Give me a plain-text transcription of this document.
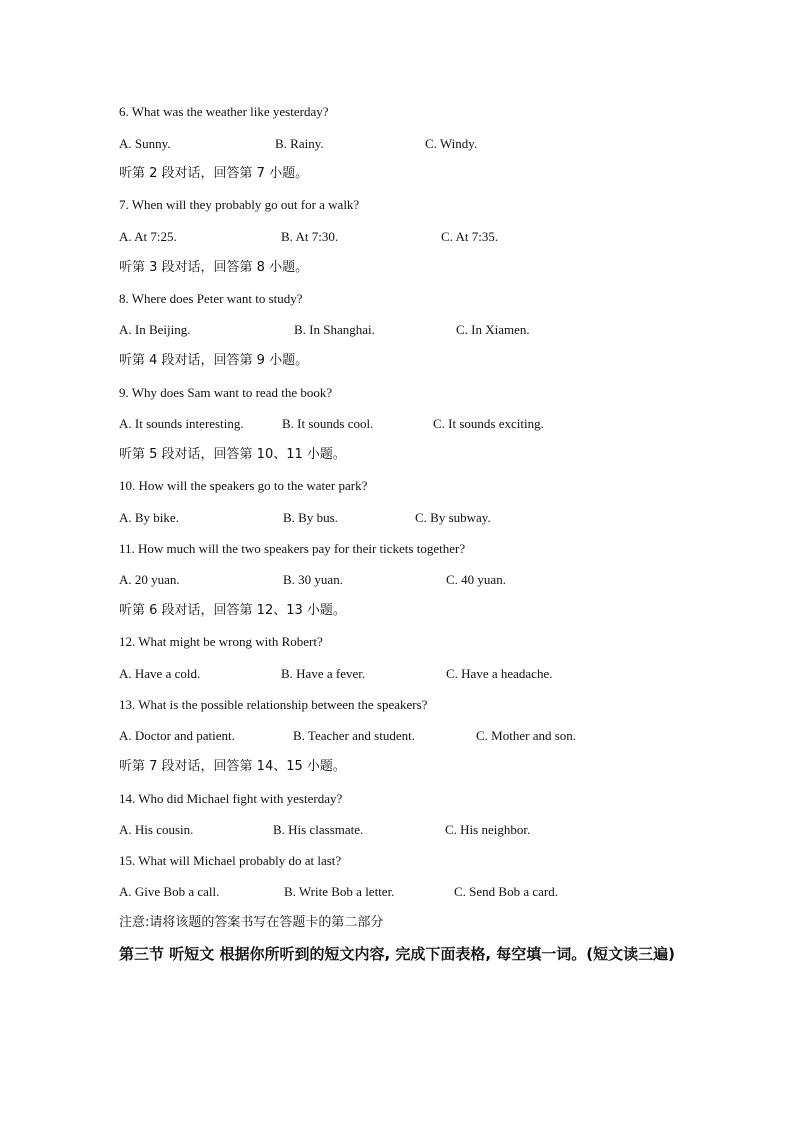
6. What was the weather like yesterday?
A. Sunny.	B. Rainy.	C. Windy.
听第 2 段对话，回答第 7 小题。
7. When will they probably go out for a walk?
A. At 7:25.	B. At 7:30.	C. At 7:35.
听第 3 段对话，回答第 8 小题。
8. Where does Peter want to study?
A. In Beijing.	B. In Shanghai.	C. In Xiamen.
听第 4 段对话，回答第 9 小题。
9. Why does Sam want to read the book?
A. It sounds interesting.	B. It sounds cool.	C. It sounds exciting.
听第 5 段对话，回答第 10、11 小题。
10. How will the speakers go to the water park?
A. By bike.	B. By bus.	C. By subway.
11. How much will the two speakers pay for their tickets together?
A. 20 yuan.	B. 30 yuan.	C. 40 yuan.
听第 6 段对话，回答第 12、13 小题。
12. What might be wrong with Robert?
A. Have a cold.	B. Have a fever.	C. Have a headache.
13. What is the possible relationship between the speakers?
A. Doctor and patient.	B. Teacher and student.	C. Mother and son.
听第 7 段对话，回答第 14、15 小题。
14. Who did Michael fight with yesterday?
A. His cousin.	B. His classmate.	C. His neighbor.
15. What will Michael probably do at last?
A. Give Bob a call.	B. Write Bob a letter.	C. Send Bob a card.
注意:请将该题的答案书写在答题卡的第二部分
第三节 听短文 根据你所听到的短文内容, 完成下面表格, 每空填一词。(短文读三遍)
